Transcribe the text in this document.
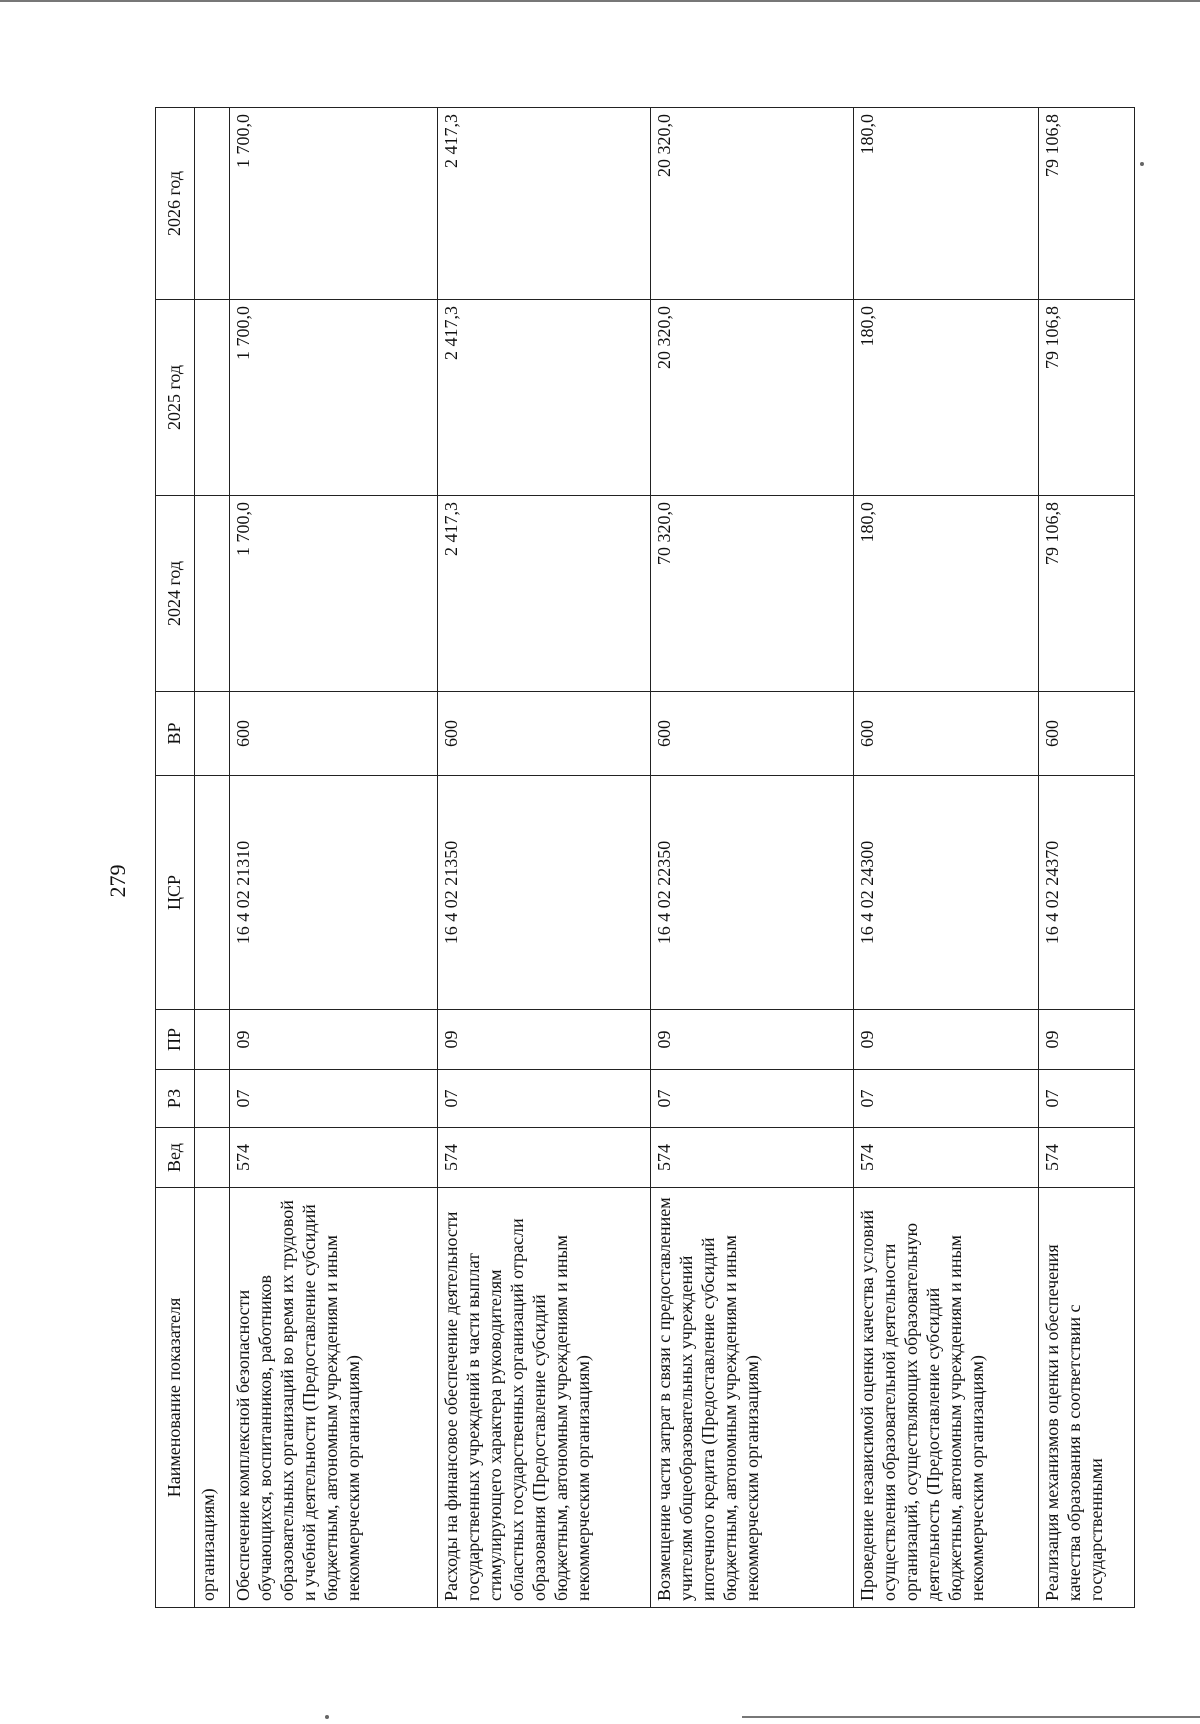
279
Наименование показателя	Вед	РЗ	ПР	ЦСР	ВР	2024 год	2025 год	2026 год
организациям)								
Обеспечение комплексной безопасности обучающихся, воспитанников, работников образовательных организаций во время их трудовой и учебной деятельности (Предоставление субсидий бюджетным, автономным учреждениям и иным некоммерческим организациям)	574	07	09	16 4 02 21310	600	1 700,0	1 700,0	1 700,0
Расходы на финансовое обеспечение деятельности государственных учреждений в части выплат стимулирующего характера руководителям областных государственных организаций отрасли образования (Предоставление субсидий бюджетным, автономным учреждениям и иным некоммерческим организациям)	574	07	09	16 4 02 21350	600	2 417,3	2 417,3	2 417,3
Возмещение части затрат в связи с предоставлением учителям общеобразовательных учреждений ипотечного кредита (Предоставление субсидий бюджетным, автономным учреждениям и иным некоммерческим организациям)	574	07	09	16 4 02 22350	600	70 320,0	20 320,0	20 320,0
Проведение независимой оценки качества условий осуществления образовательной деятельности организаций, осуществляющих образовательную деятельность (Предоставление субсидий бюджетным, автономным учреждениям и иным некоммерческим организациям)	574	07	09	16 4 02 24300	600	180,0	180,0	180,0
Реализация механизмов оценки и обеспечения качества образования в соответствии с государственными	574	07	09	16 4 02 24370	600	79 106,8	79 106,8	79 106,8
